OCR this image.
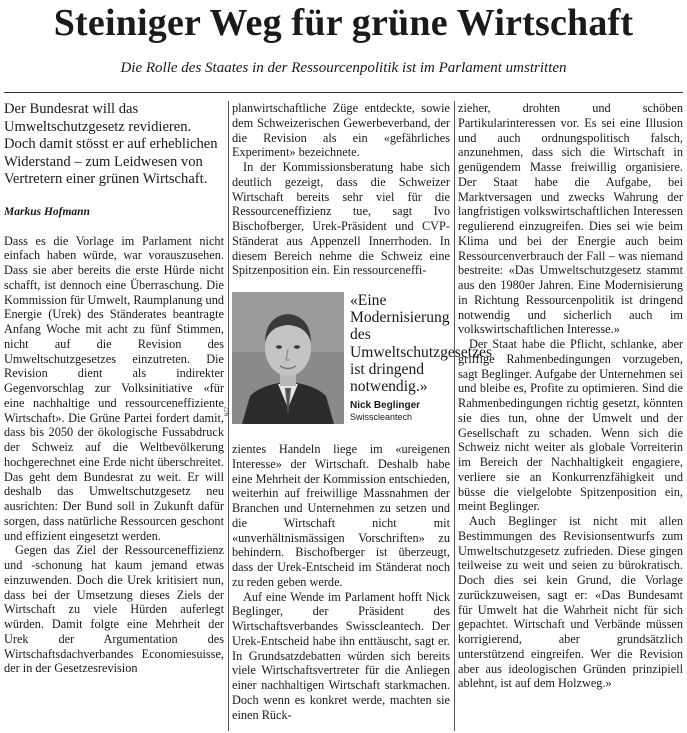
Steiniger Weg für grüne Wirtschaft
Die Rolle des Staates in der Ressourcenpolitik ist im Parlament umstritten

Der Bundesrat will das Umweltschutzgesetz revidieren. Doch damit stösst er auf erheblichen Widerstand – zum Leidwesen von Vertretern einer grünen Wirtschaft.

Markus Hofmann

Dass es die Vorlage im Parlament nicht einfach haben würde, war vorauszusehen. Dass sie aber bereits die erste Hürde nicht schafft, ist dennoch eine Überraschung. Die Kommission für Umwelt, Raumplanung und Energie (Urek) des Ständerates beantragte Anfang Woche mit acht zu fünf Stimmen, nicht auf die Revision des Umweltschutzgesetzes einzutreten. Die Revision dient als indirekter Gegenvorschlag zur Volksinitiative «für eine nachhaltige und ressourceneffiziente Wirtschaft». Die Grüne Partei fordert damit, dass bis 2050 der ökologische Fussabdruck der Schweiz auf die Weltbevölkerung hochgerechnet eine Erde nicht überschreitet. Das geht dem Bundesrat zu weit. Er will deshalb das Umweltschutzgesetz neu ausrichten: Der Bund soll in Zukunft dafür sorgen, dass natürliche Ressourcen geschont und effizient eingesetzt werden.

Gegen das Ziel der Ressourceneffizienz und -schonung hat kaum jemand etwas einzuwenden. Doch die Urek kritisiert nun, dass bei der Umsetzung dieses Ziels der Wirtschaft zu viele Hürden auferlegt würden. Damit folgte eine Mehrheit der Urek der Argumentation des Wirtschaftsdachverbandes Economiesuisse, der in der Gesetzesrevision

planwirtschaftliche Züge entdeckte, sowie dem Schweizerischen Gewerbeverband, der die Revision als ein «gefährliches Experiment» bezeichnete.

In der Kommissionsberatung habe sich deutlich gezeigt, dass die Schweizer Wirtschaft bereits sehr viel für die Ressourceneffizienz tue, sagt Ivo Bischofberger, Urek-Präsident und CVP-Ständerat aus Appenzell Innerrhoden. In diesem Bereich nehme die Schweiz eine Spitzenposition ein. Ein ressourceneffi-

NZZ
«Eine Modernisierung des Umweltschutzgesetzes ist dringend notwendig.»
Nick Beglinger
Swisscleantech

zientes Handeln liege im «ureigenen Interesse» der Wirtschaft. Deshalb habe eine Mehrheit der Kommission entschieden, weiterhin auf freiwillige Massnahmen der Branchen und Unternehmen zu setzen und die Wirtschaft nicht mit «unverhältnismässigen Vorschriften» zu behindern. Bischofberger ist überzeugt, dass der Urek-Entscheid im Ständerat noch zu reden geben werde.

Auf eine Wende im Parlament hofft Nick Beglinger, der Präsident des Wirtschaftsverbandes Swisscleantech. Der Urek-Entscheid habe ihn enttäuscht, sagt er. In Grundsatzdebatten würden sich bereits viele Wirtschaftsvertreter für die Anliegen einer nachhaltigen Wirtschaft starkmachen. Doch wenn es konkret werde, machten sie einen Rück-

zieher, drohten und schöben Partikularinteressen vor. Es sei eine Illusion und auch ordnungspolitisch falsch, anzunehmen, dass sich die Wirtschaft in genügendem Masse freiwillig organisiere. Der Staat habe die Aufgabe, bei Marktversagen und zwecks Wahrung der langfristigen volkswirtschaftlichen Interessen regulierend einzugreifen. Dies sei wie beim Klima und bei der Energie auch beim Ressourcenverbrauch der Fall – was niemand bestreite: «Das Umweltschutzgesetz stammt aus den 1980er Jahren. Eine Modernisierung in Richtung Ressourcenpolitik ist dringend notwendig und sicherlich auch im volkswirtschaftlichen Interesse.»

Der Staat habe die Pflicht, schlanke, aber griffige Rahmenbedingungen vorzugeben, sagt Beglinger. Aufgabe der Unternehmen sei und bleibe es, Profite zu optimieren. Sind die Rahmenbedingungen richtig gesetzt, könnten sie dies tun, ohne der Umwelt und der Gesellschaft zu schaden. Wenn sich die Schweiz nicht weiter als globale Vorreiterin im Bereich der Nachhaltigkeit engagiere, verliere sie an Konkurrenzfähigkeit und büsse die vielgelobte Spitzenposition ein, meint Beglinger.

Auch Beglinger ist nicht mit allen Bestimmungen des Revisionsentwurfs zum Umweltschutzgesetz zufrieden. Diese gingen teilweise zu weit und seien zu bürokratisch. Doch dies sei kein Grund, die Vorlage zurückzuweisen, sagt er: «Das Bundesamt für Umwelt hat die Wahrheit nicht für sich gepachtet. Wirtschaft und Verbände müssen korrigierend, aber grundsätzlich unterstützend eingreifen. Wer die Revision aber aus ideologischen Gründen prinzipiell ablehnt, ist auf dem Holzweg.»
